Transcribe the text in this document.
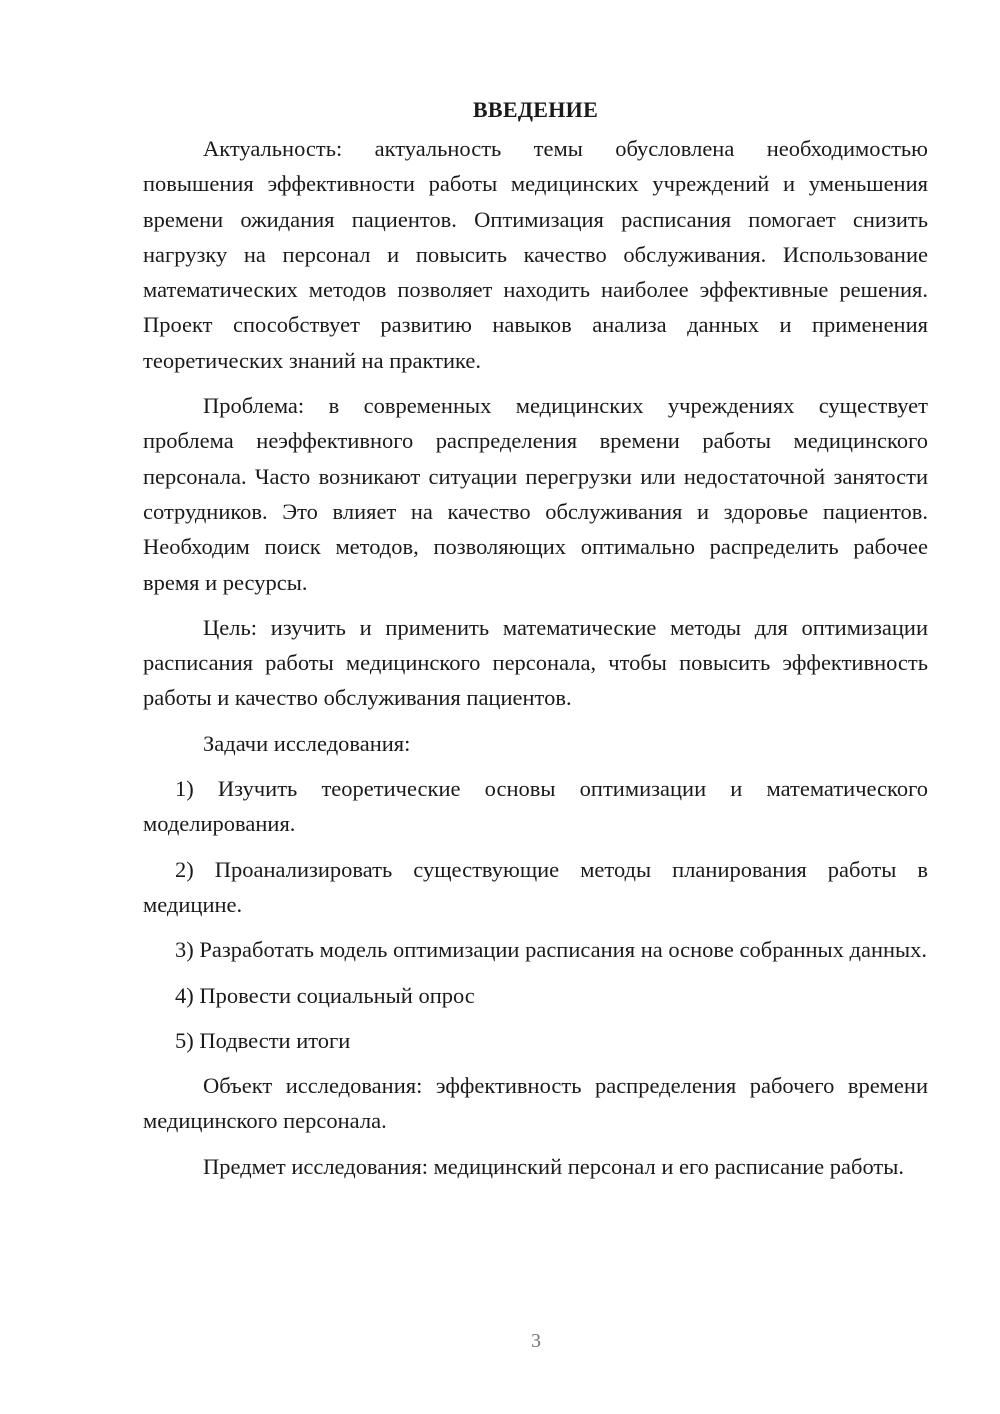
ВВЕДЕНИЕ

Актуальность: актуальность темы обусловлена необходимостью повышения эффективности работы медицинских учреждений и уменьшения времени ожидания пациентов. Оптимизация расписания помогает снизить нагрузку на персонал и повысить качество обслуживания. Использование математических методов позволяет находить наиболее эффективные решения. Проект способствует развитию навыков анализа данных и применения теоретических знаний на практике.

Проблема: в современных медицинских учреждениях существует проблема неэффективного распределения времени работы медицинского персонала. Часто возникают ситуации перегрузки или недостаточной занятости сотрудников. Это влияет на качество обслуживания и здоровье пациентов. Необходим поиск методов, позволяющих оптимально распределить рабочее время и ресурсы.

Цель: изучить и применить математические методы для оптимизации расписания работы медицинского персонала, чтобы повысить эффективность работы и качество обслуживания пациентов.

Задачи исследования:

1) Изучить теоретические основы оптимизации и математического моделирования.

2) Проанализировать существующие методы планирования работы в медицине.

3) Разработать модель оптимизации расписания на основе собранных данных.

4) Провести социальный опрос

5) Подвести итоги

Объект исследования: эффективность распределения рабочего времени медицинского персонала.

Предмет исследования: медицинский персонал и его расписание работы.

3
